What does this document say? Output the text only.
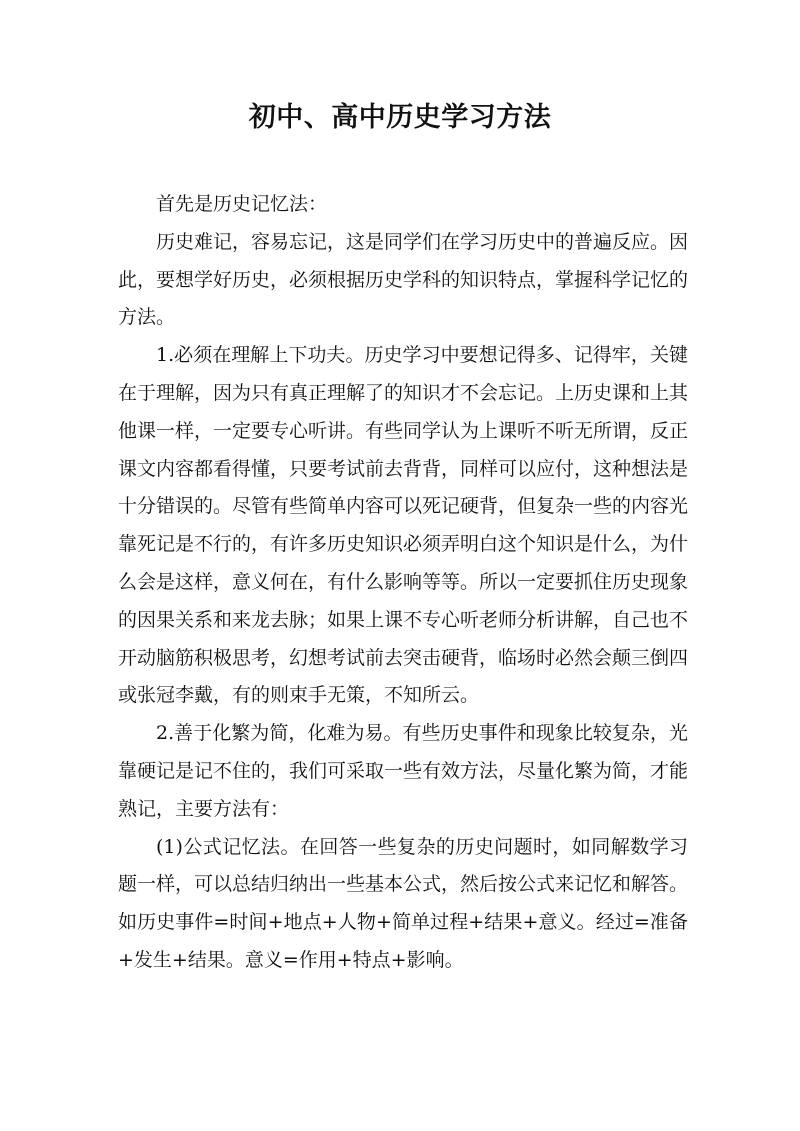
初中、高中历史学习方法

首先是历史记忆法：

历史难记，容易忘记，这是同学们在学习历史中的普遍反应。因此，要想学好历史，必须根据历史学科的知识特点，掌握科学记忆的方法。

1.必须在理解上下功夫。历史学习中要想记得多、记得牢，关键在于理解，因为只有真正理解了的知识才不会忘记。上历史课和上其他课一样，一定要专心听讲。有些同学认为上课听不听无所谓，反正课文内容都看得懂，只要考试前去背背，同样可以应付，这种想法是十分错误的。尽管有些简单内容可以死记硬背，但复杂一些的内容光靠死记是不行的，有许多历史知识必须弄明白这个知识是什么，为什么会是这样，意义何在，有什么影响等等。所以一定要抓住历史现象的因果关系和来龙去脉；如果上课不专心听老师分析讲解，自己也不开动脑筋积极思考，幻想考试前去突击硬背，临场时必然会颠三倒四或张冠李戴，有的则束手无策，不知所云。

2.善于化繁为简，化难为易。有些历史事件和现象比较复杂，光靠硬记是记不住的，我们可采取一些有效方法，尽量化繁为简，才能熟记，主要方法有：

(1)公式记忆法。在回答一些复杂的历史问题时，如同解数学习题一样，可以总结归纳出一些基本公式，然后按公式来记忆和解答。如历史事件=时间+地点+人物+简单过程+结果+意义。经过=准备+发生+结果。意义=作用+特点+影响。
